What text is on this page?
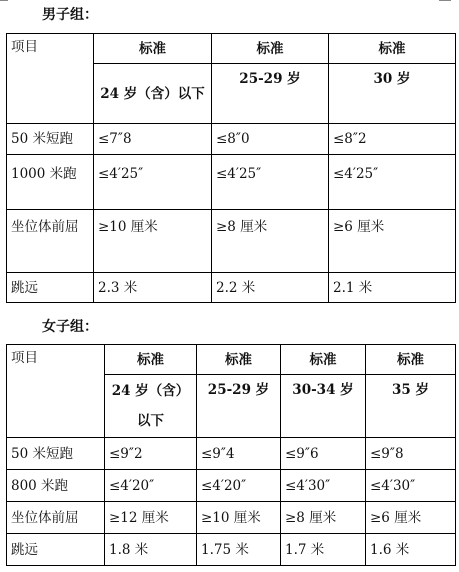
男子组：
项目	标准	标准	标准
	24 岁（含）以下	25-29 岁	30 岁
50 米短跑	≤7″8	≤8″0	≤8″2
1000 米跑	≤4′25″	≤4′25″	≤4′25″
坐位体前屈	≥10 厘米	≥8 厘米	≥6 厘米
跳远	2.3 米	2.2 米	2.1 米
女子组：
项目	标准	标准	标准	标准
	24 岁（含）以下	25-29 岁	30-34 岁	35 岁
50 米短跑	≤9″2	≤9″4	≤9″6	≤9″8
800 米跑	≤4′20″	≤4′20″	≤4′30″	≤4′30″
坐位体前屈	≥12 厘米	≥10 厘米	≥8 厘米	≥6 厘米
跳远	1.8 米	1.75 米	1.7 米	1.6 米
